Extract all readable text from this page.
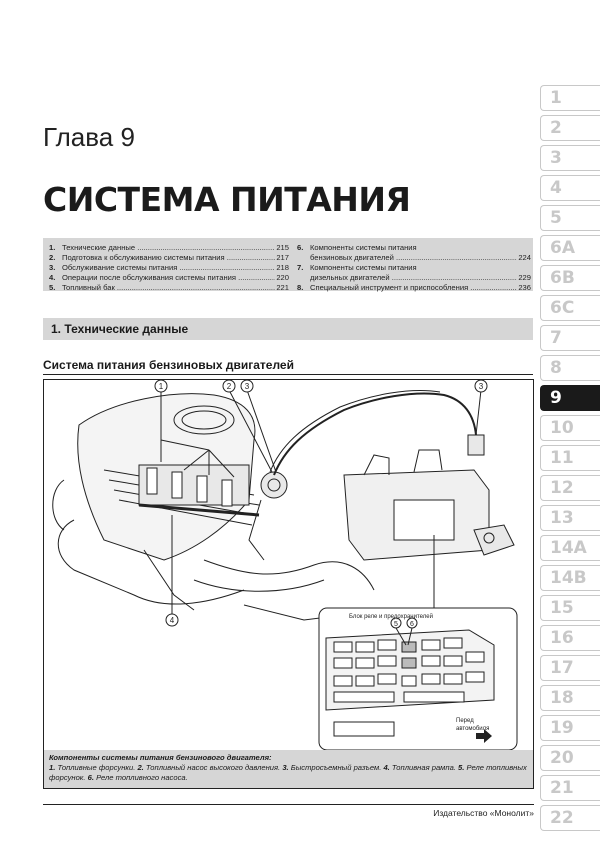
Глава 9
СИСТЕМА ПИТАНИЯ
1. Технические данные .....	215
2. Подготовка к обслуживанию системы питания .....	217
3. Обслуживание системы питания .....	218
4. Операции после обслуживания системы питания .....	220
5. Топливный бак .....	221
6. Компоненты системы питания
бензиновых двигателей .....	224
7. Компоненты системы питания
дизельных двигателей .....	229
8. Специальный инструмент и приспособления .....	236
1. Технические данные
Система питания бензиновых двигателей
1	2 3	3
4	5 6
Блок реле и предохранителей
Перед
автомобиля
Компоненты системы питания бензинового двигателя:
1. Топливные форсунки. 2. Топливный насос высокого давления. 3. Быстросъемный разъем. 4. Топливная рампа. 5. Реле топливных форсунок. 6. Реле топливного насоса.
Издательство «Монолит»
1
2
3
4
5
6A
6B
6C
7
8
9
10
11
12
13
14A
14B
15
16
17
18
19
20
21
22
